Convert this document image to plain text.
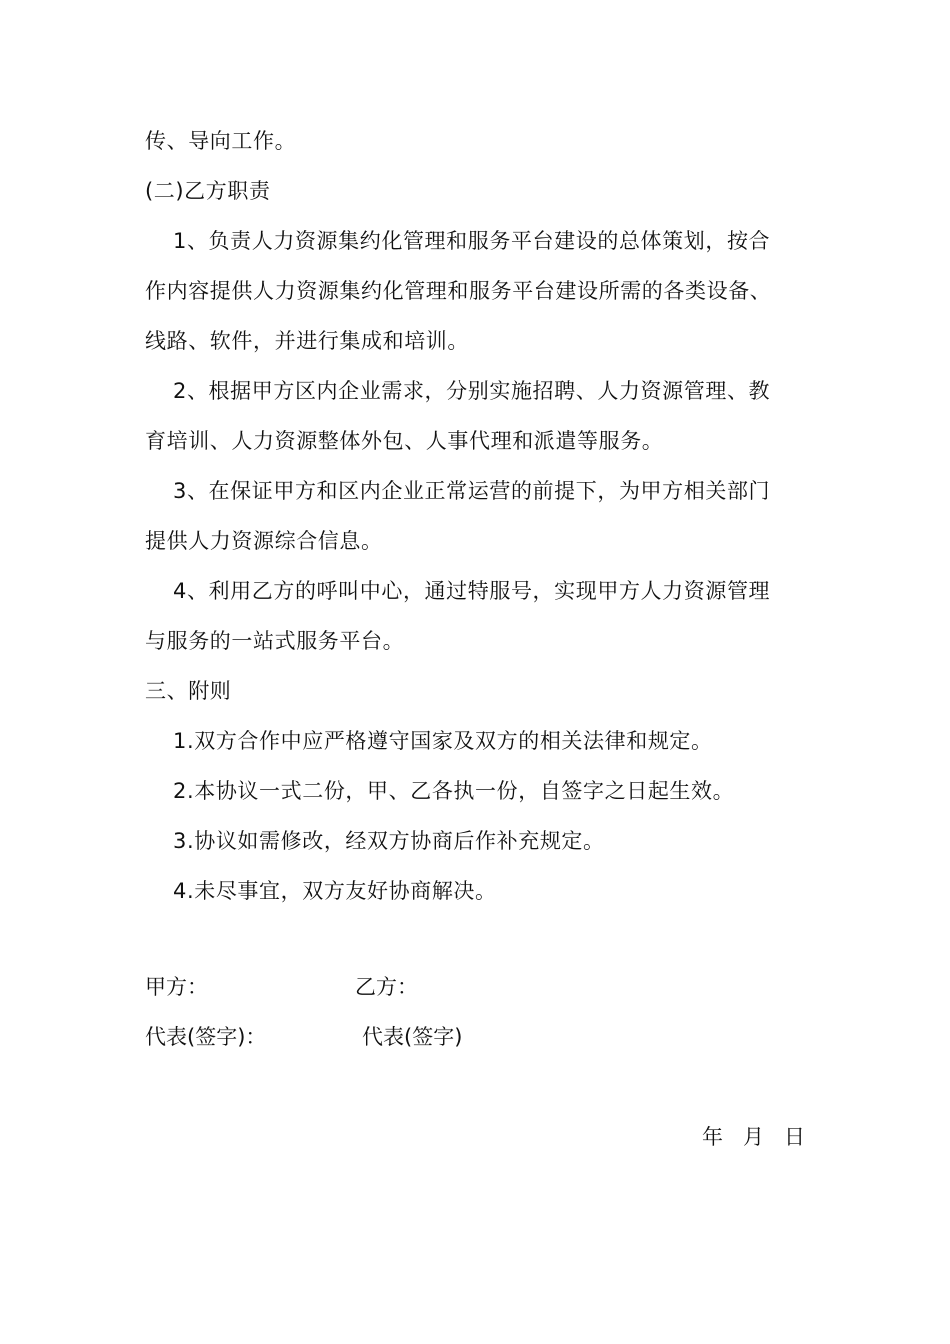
传、导向工作。
(二)乙方职责
1、负责人力资源集约化管理和服务平台建设的总体策划，按合
作内容提供人力资源集约化管理和服务平台建设所需的各类设备、
线路、软件，并进行集成和培训。
2、根据甲方区内企业需求，分别实施招聘、人力资源管理、教
育培训、人力资源整体外包、人事代理和派遣等服务。
3、在保证甲方和区内企业正常运营的前提下，为甲方相关部门
提供人力资源综合信息。
4、利用乙方的呼叫中心，通过特服号，实现甲方人力资源管理
与服务的一站式服务平台。
三、附则
1.双方合作中应严格遵守国家及双方的相关法律和规定。
2.本协议一式二份，甲、乙各执一份，自签字之日起生效。
3.协议如需修改，经双方协商后作补充规定。
4.未尽事宜，双方友好协商解决。
甲方：	乙方：
代表(签字)：	代表(签字)
年   月   日
